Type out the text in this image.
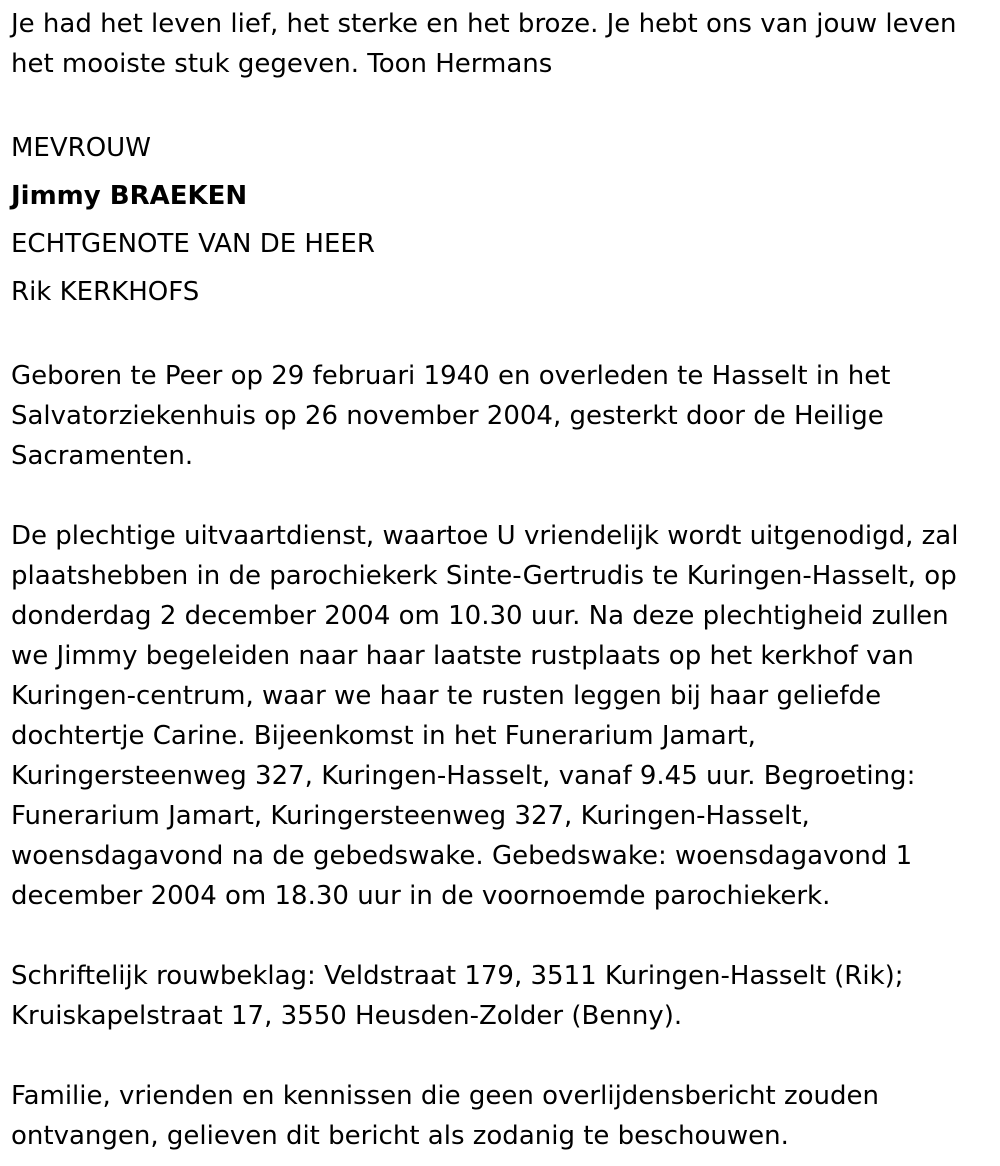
Je had het leven lief, het sterke en het broze. Je hebt ons van jouw leven het mooiste stuk gegeven. Toon Hermans

MEVROUW
Jimmy BRAEKEN
ECHTGENOTE VAN DE HEER
Rik KERKHOFS

Geboren te Peer op 29 februari 1940 en overleden te Hasselt in het Salvatorziekenhuis op 26 november 2004, gesterkt door de Heilige Sacramenten.

De plechtige uitvaartdienst, waartoe U vriendelijk wordt uitgenodigd, zal plaatshebben in de parochiekerk Sinte-Gertrudis te Kuringen-Hasselt, op donderdag 2 december 2004 om 10.30 uur. Na deze plechtigheid zullen we Jimmy begeleiden naar haar laatste rustplaats op het kerkhof van Kuringen-centrum, waar we haar te rusten leggen bij haar geliefde dochtertje Carine. Bijeenkomst in het Funerarium Jamart, Kuringersteenweg 327, Kuringen-Hasselt, vanaf 9.45 uur. Begroeting: Funerarium Jamart, Kuringersteenweg 327, Kuringen-Hasselt, woensdagavond na de gebedswake. Gebedswake: woensdagavond 1 december 2004 om 18.30 uur in de voornoemde parochiekerk.

Schriftelijk rouwbeklag: Veldstraat 179, 3511 Kuringen-Hasselt (Rik); Kruiskapelstraat 17, 3550 Heusden-Zolder (Benny).

Familie, vrienden en kennissen die geen overlijdensbericht zouden ontvangen, gelieven dit bericht als zodanig te beschouwen.
